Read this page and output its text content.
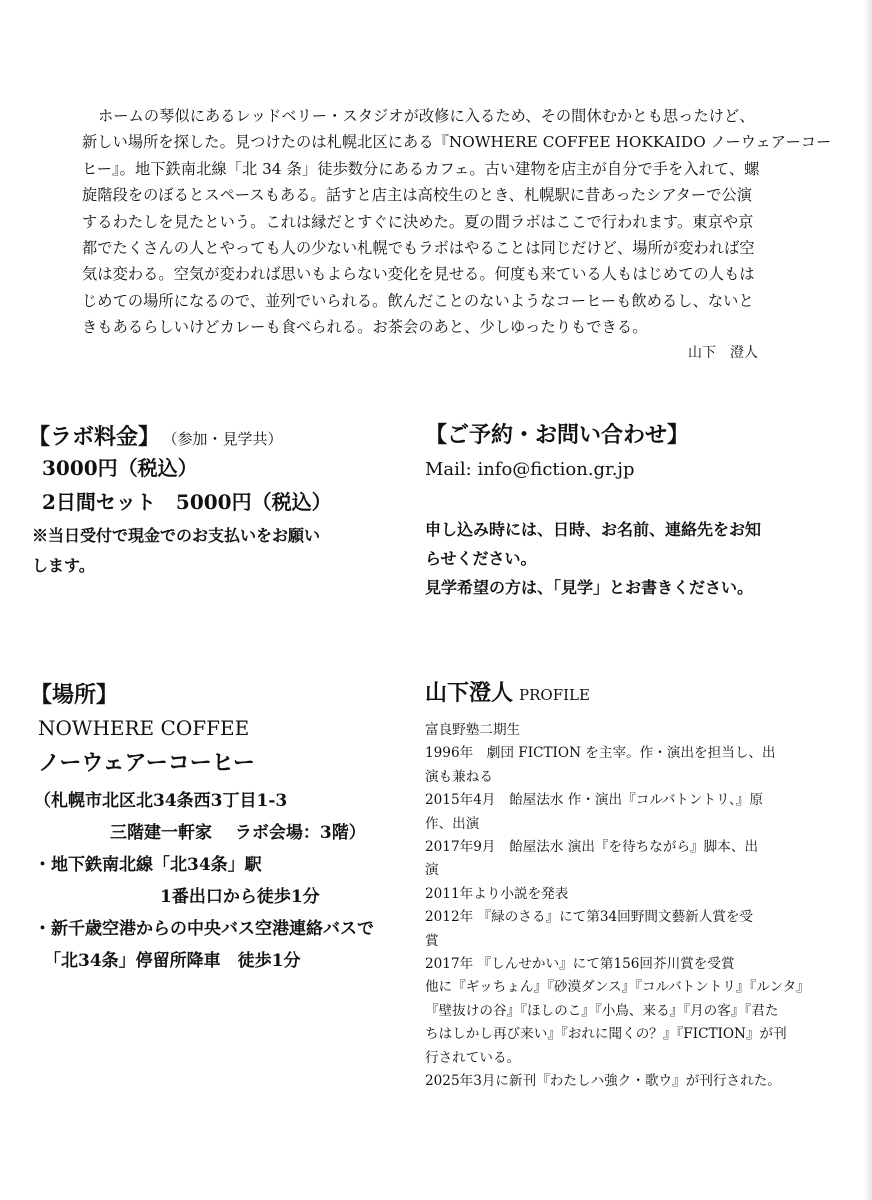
ホームの琴似にあるレッドベリー・スタジオが改修に入るため、その間休むかとも思ったけど、
新しい場所を探した。見つけたのは札幌北区にある『NOWHERE COFFEE HOKKAIDO ノーウェアーコー
ヒー』。地下鉄南北線「北 34 条」徒歩数分にあるカフェ。古い建物を店主が自分で手を入れて、螺
旋階段をのぼるとスペースもある。話すと店主は高校生のとき、札幌駅に昔あったシアターで公演
するわたしを見たという。これは縁だとすぐに決めた。夏の間ラボはここで行われます。東京や京
都でたくさんの人とやっても人の少ない札幌でもラボはやることは同じだけど、場所が変われば空
気は変わる。空気が変われば思いもよらない変化を見せる。何度も来ている人もはじめての人もは
じめての場所になるので、並列でいられる。飲んだことのないようなコーヒーも飲めるし、ないと
きもあるらしいけどカレーも食べられる。お茶会のあと、少しゆったりもできる。
山下　澄人
【ラボ料金】 （参加・見学共）
3000円（税込）
2日間セット　5000円（税込）
※当日受付で現金でのお支払いをお願い
します。
【ご予約・お問い合わせ】
Mail: info@fiction.gr.jp
申し込み時には、日時、お名前、連絡先をお知
らせください。
見学希望の方は、「見学」とお書きください。
【場所】
NOWHERE COFFEE
ノーウェアーコーヒー
（札幌市北区北34条西3丁目1-3
三階建一軒家　 ラボ会場：3階）
・地下鉄南北線「北34条」駅
1番出口から徒歩1分
・新千歳空港からの中央バス空港連絡バスで
「北34条」停留所降車　徒歩1分
山下澄人 PROFILE
富良野塾二期生
1996年　劇団 FICTION を主宰。作・演出を担当し、出
演も兼ねる
2015年4月　飴屋法水 作・演出『コルバトントリ、』原
作、出演
2017年9月　飴屋法水 演出『を待ちながら』脚本、出
演
2011年より小説を発表
2012年 『緑のさる』にて第34回野間文藝新人賞を受
賞
2017年 『しんせかい』にて第156回芥川賞を受賞
他に『ギッちょん』『砂漠ダンス』『コルバトントリ』『ルンタ』
『壁抜けの谷』『ほしのこ』『小鳥、来る』『月の客』『君た
ちはしかし再び来い』『おれに聞くの？』『FICTION』が刊
行されている。
2025年3月に新刊『わたしハ強ク・歌ウ』が刊行された。
